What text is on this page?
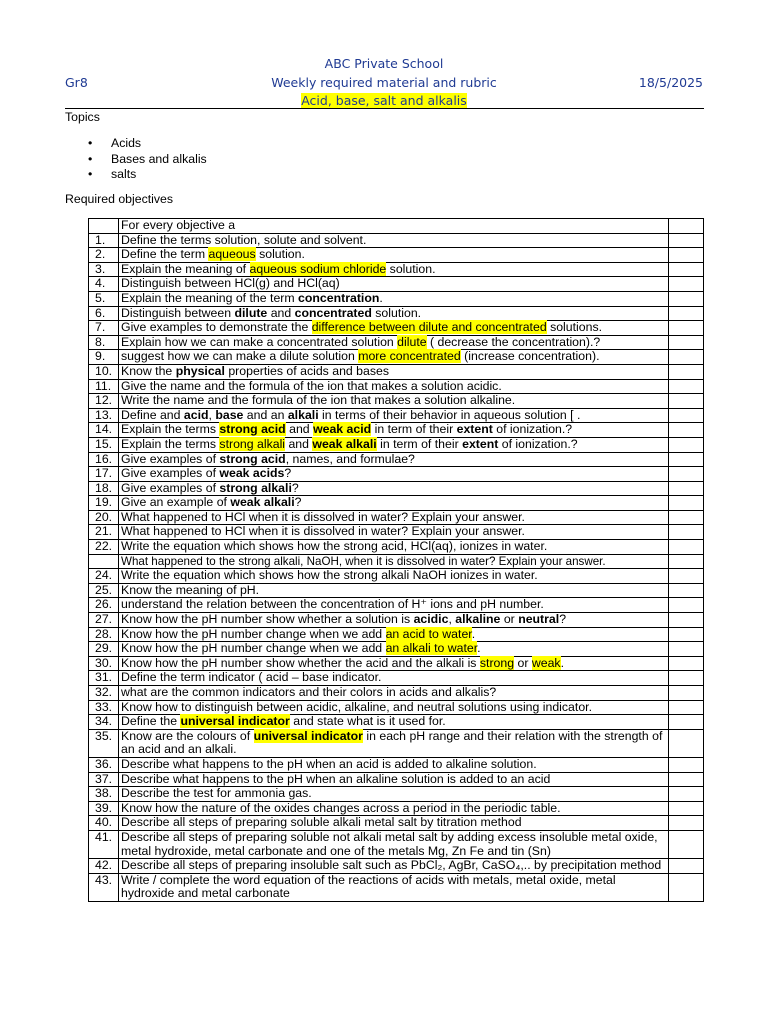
ABC Private School
Gr8	Weekly required material and rubric	18/5/2025
Acid, base, salt and alkalis
Topics
• Acids
• Bases and alkalis
• salts
Required objectives
	For every objective a	
1.	Define the terms solution, solute and solvent.	
2.	Define the term aqueous solution.	
3.	Explain the meaning of aqueous sodium chloride solution.	
4.	Distinguish between HCl(g) and HCl(aq)	
5.	Explain the meaning of the term concentration.	
6.	Distinguish between dilute and concentrated solution.	
7.	Give examples to demonstrate the difference between dilute and concentrated solutions.	
8.	Explain how we can make a concentrated solution dilute ( decrease the concentration).?	
9.	suggest how we can make a dilute solution more concentrated (increase concentration).	
10.	Know the physical properties of acids and bases	
11.	Give the name and the formula of the ion that makes a solution acidic.	
12.	Write the name and the formula of the ion that makes a solution alkaline.	
13.	Define and acid, base and an alkali in terms of their behavior in aqueous solution [ .	
14.	Explain the terms strong acid and weak acid in term of their extent of ionization.?	
15.	Explain the terms strong alkali and weak alkali in term of their extent of ionization.?	
16.	Give examples of strong acid, names, and formulae?	
17.	Give examples of weak acids?	
18.	Give examples of strong alkali?	
19.	Give an example of weak alkali?	
20.	What happened to HCl when it is dissolved in water? Explain your answer.	
21.	What happened to HCl when it is dissolved in water? Explain your answer.	
22.	Write the equation which shows how the strong acid, HCl(aq), ionizes in water.	
	What happened to the strong alkali, NaOH, when it is dissolved in water? Explain your answer.	
24.	Write the equation which shows how the strong alkali NaOH ionizes in water.	
25.	Know the meaning of pH.	
26.	understand the relation between the concentration of H⁺ ions and pH number.	
27.	Know how the pH number show whether a solution is acidic, alkaline or neutral?	
28.	Know how the pH number change when we add an acid to water.	
29.	Know how the pH number change when we add an alkali to water.	
30.	Know how the pH number show whether the acid and the alkali is strong or weak.	
31.	Define the term indicator ( acid – base indicator.	
32.	what are the common indicators and their colors in acids and alkalis?	
33.	Know how to distinguish between acidic, alkaline, and neutral solutions using indicator.	
34.	Define the universal indicator and state what is it used for.	
35.	Know are the colours of universal indicator in each pH range and their relation with the strength of an acid and an alkali.	
36.	Describe what happens to the pH when an acid is added to alkaline solution.	
37.	Describe what happens to the pH when an alkaline solution is added to an acid	
38.	Describe the test for ammonia gas.	
39.	Know how the nature of the oxides changes across a period in the periodic table.	
40.	Describe all steps of preparing soluble alkali metal salt by titration method	
41.	Describe all steps of preparing soluble not alkali metal salt by adding excess insoluble metal oxide, metal hydroxide, metal carbonate and one of the metals Mg, Zn Fe and tin (Sn)	
42.	Describe all steps of preparing insoluble salt such as PbCl₂, AgBr, CaSO₄,.. by precipitation method	
43.	Write / complete the word equation of the reactions of acids with metals, metal oxide, metal hydroxide and metal carbonate	
